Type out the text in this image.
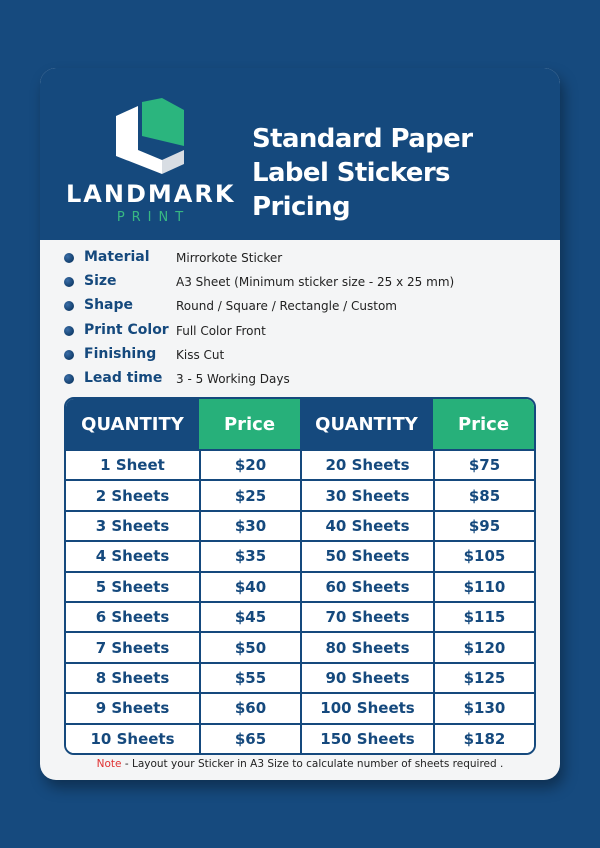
LANDMARK
PRINT
Standard Paper
Label Stickers Pricing
Material Mirrorkote Sticker
Size	A3 Sheet (Minimum sticker size - 25 x 25 mm)
Shape	Round / Square / Rectangle / Custom
Print Color Full Color Front
Finishing Kiss Cut
Lead time 3 - 5 Working Days
QUANTITY	Price	QUANTITY	Price
1 Sheet	$20	20 Sheets	$75
2 Sheets	$25	30 Sheets	$85
3 Sheets	$30	40 Sheets	$95
4 Sheets	$35	50 Sheets	$105
5 Sheets	$40	60 Sheets	$110
6 Sheets	$45	70 Sheets	$115
7 Sheets	$50	80 Sheets	$120
8 Sheets	$55	90 Sheets	$125
9 Sheets	$60	100 Sheets	$130
10 Sheets	$65	150 Sheets	$182
Note - Layout your Sticker in A3 Size to calculate number of sheets required .
